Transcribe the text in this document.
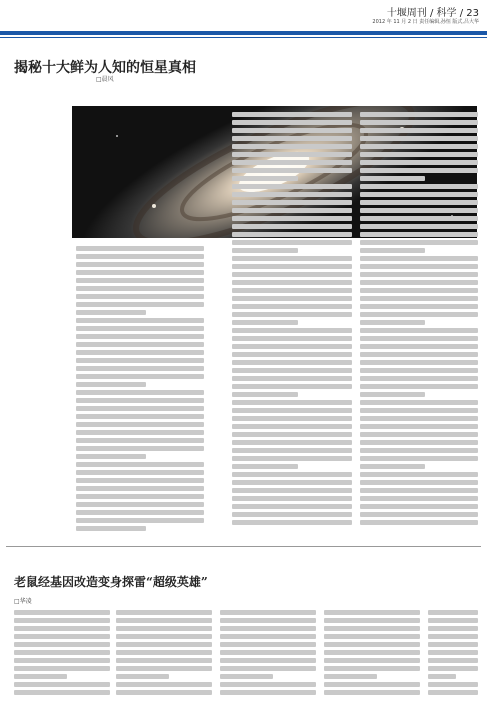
十堰周刊 / 科学 / 23
2012 年 11 月 2 日 责任编辑,孙恒 版式,吕大华
揭秘十大鲜为人知的恒星真相
□晨风
老鼠经基因改造变身探雷“超级英雄”
□华凌
